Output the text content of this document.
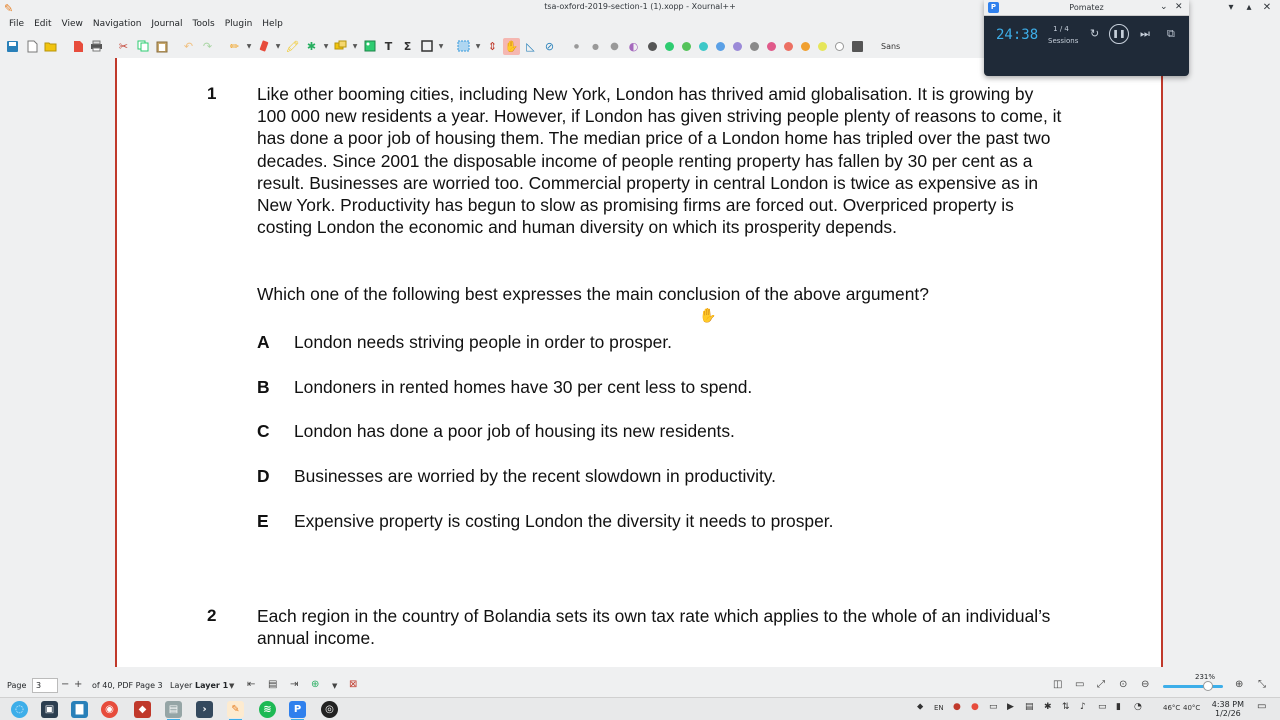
✎	tsa-oxford-2019-section-1 (1).xopp - Xournal++	▾	▴	✕
File	Edit	View	Navigation	Journal	Tools	Plugin	Help
✂	↶ ↷	✏	▼	▼ 🖍 ✱	▼	▼	T	Σ	▼	▼ ⇕ ✋ ◺ ⊘	●	●	● ◐	Sans
1 Like other booming cities, including New York, London has thrived amid globalisation. It is growing by 100 000 new residents a year. However, if London has given striving people plenty of reasons to come, it has done a poor job of housing them. The median price of a London home has tripled over the past two decades. Since 2001 the disposable income of people renting property has fallen by 30 per cent as a result. Businesses are worried too. Commercial property in central London is twice as expensive as in New York. Productivity has begun to slow as promising firms are forced out. Overpriced property is costing London the economic and human diversity on which its prosperity depends.
Which one of the following best expresses the main conclusion of the above argument?
A	London needs striving people in order to prosper.
B	Londoners in rented homes have 30 per cent less to spend.
C	London has done a poor job of housing its new residents.
D	Businesses are worried by the recent slowdown in productivity.
E	Expensive property is costing London the diversity it needs to prosper.
2 Each region in the country of Bolandia sets its own tax rate which applies to the whole of an individual’s annual income.
✋
Page	3	− + of 40, PDF Page 3 Layer Layer 1 ▼ ⇤ ▤ ⇥ ⊕ ▼ ⊠	◫ ▭ ⤢ ⊙ ⊖
231%
⊕ ⤡
◌	▣	▇	◉	◆	▤	›	✎	≋	P	◎	⬥ EN ● ● ▭ ▶ ▤ ✱ ⇅ ♪ ▭ ▮ ◔	46°C 40°C 4:38 PM
1/2/26
▭
P	Pomatez	⌄ ✕
24:38	1 / 4
Sessions
↻	❚❚ ⏭ ⧉
